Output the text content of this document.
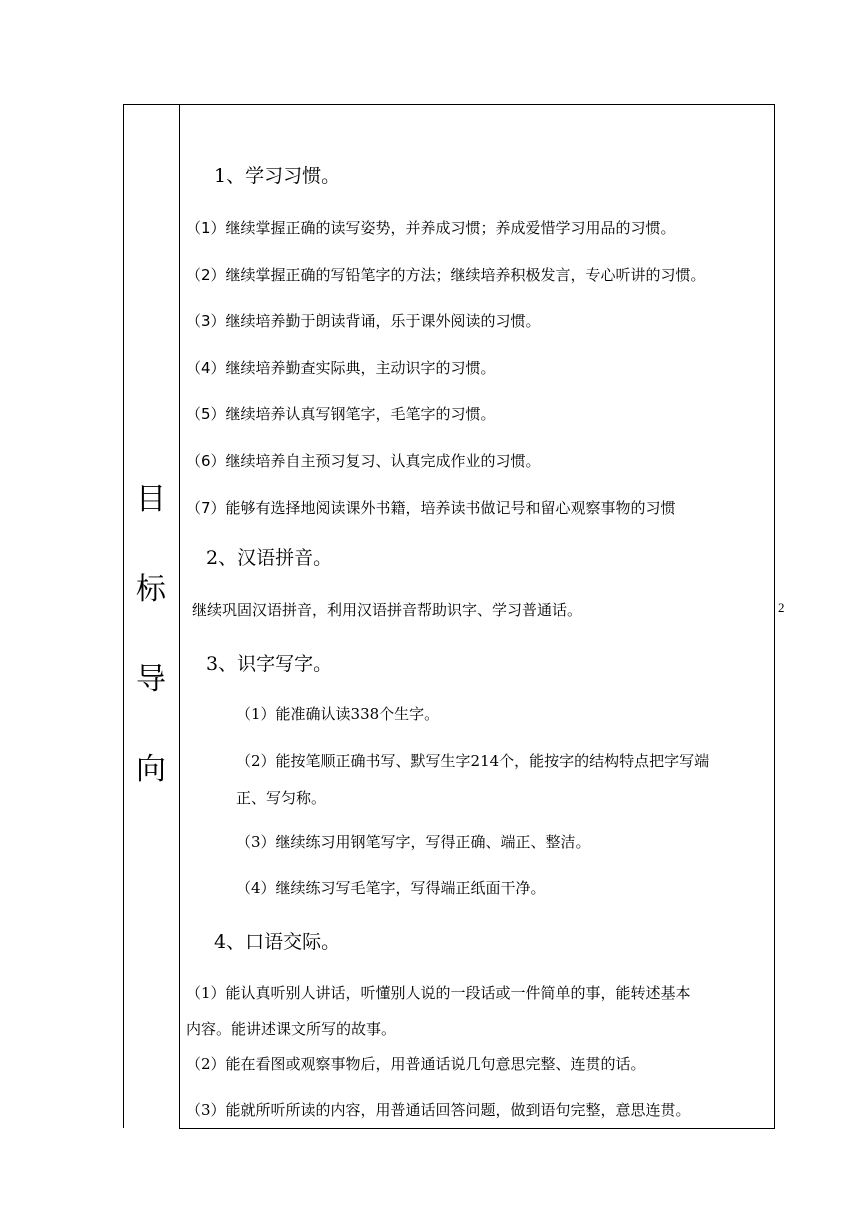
目
标
导
向
2
1、学习习惯。
（1）继续掌握正确的读写姿势，并养成习惯；养成爱惜学习用品的习惯。
（2）继续掌握正确的写铅笔字的方法；继续培养积极发言，专心听讲的习惯。
（3）继续培养勤于朗读背诵，乐于课外阅读的习惯。
（4）继续培养勤查实际典，主动识字的习惯。
（5）继续培养认真写钢笔字，毛笔字的习惯。
（6）继续培养自主预习复习、认真完成作业的习惯。
（7）能够有选择地阅读课外书籍，培养读书做记号和留心观察事物的习惯
2、汉语拼音。
继续巩固汉语拼音，利用汉语拼音帮助识字、学习普通话。
3、识字写字。
（1）能准确认读338个生字。
（2）能按笔顺正确书写、默写生字214个，能按字的结构特点把字写端
正、写匀称。
（3）继续练习用钢笔写字，写得正确、端正、整洁。
（4）继续练习写毛笔字，写得端正纸面干净。
4、口语交际。
（1）能认真听别人讲话，听懂别人说的一段话或一件简单的事，能转述基本
内容。能讲述课文所写的故事。
（2）能在看图或观察事物后，用普通话说几句意思完整、连贯的话。
（3）能就所听所读的内容，用普通话回答问题，做到语句完整，意思连贯。
